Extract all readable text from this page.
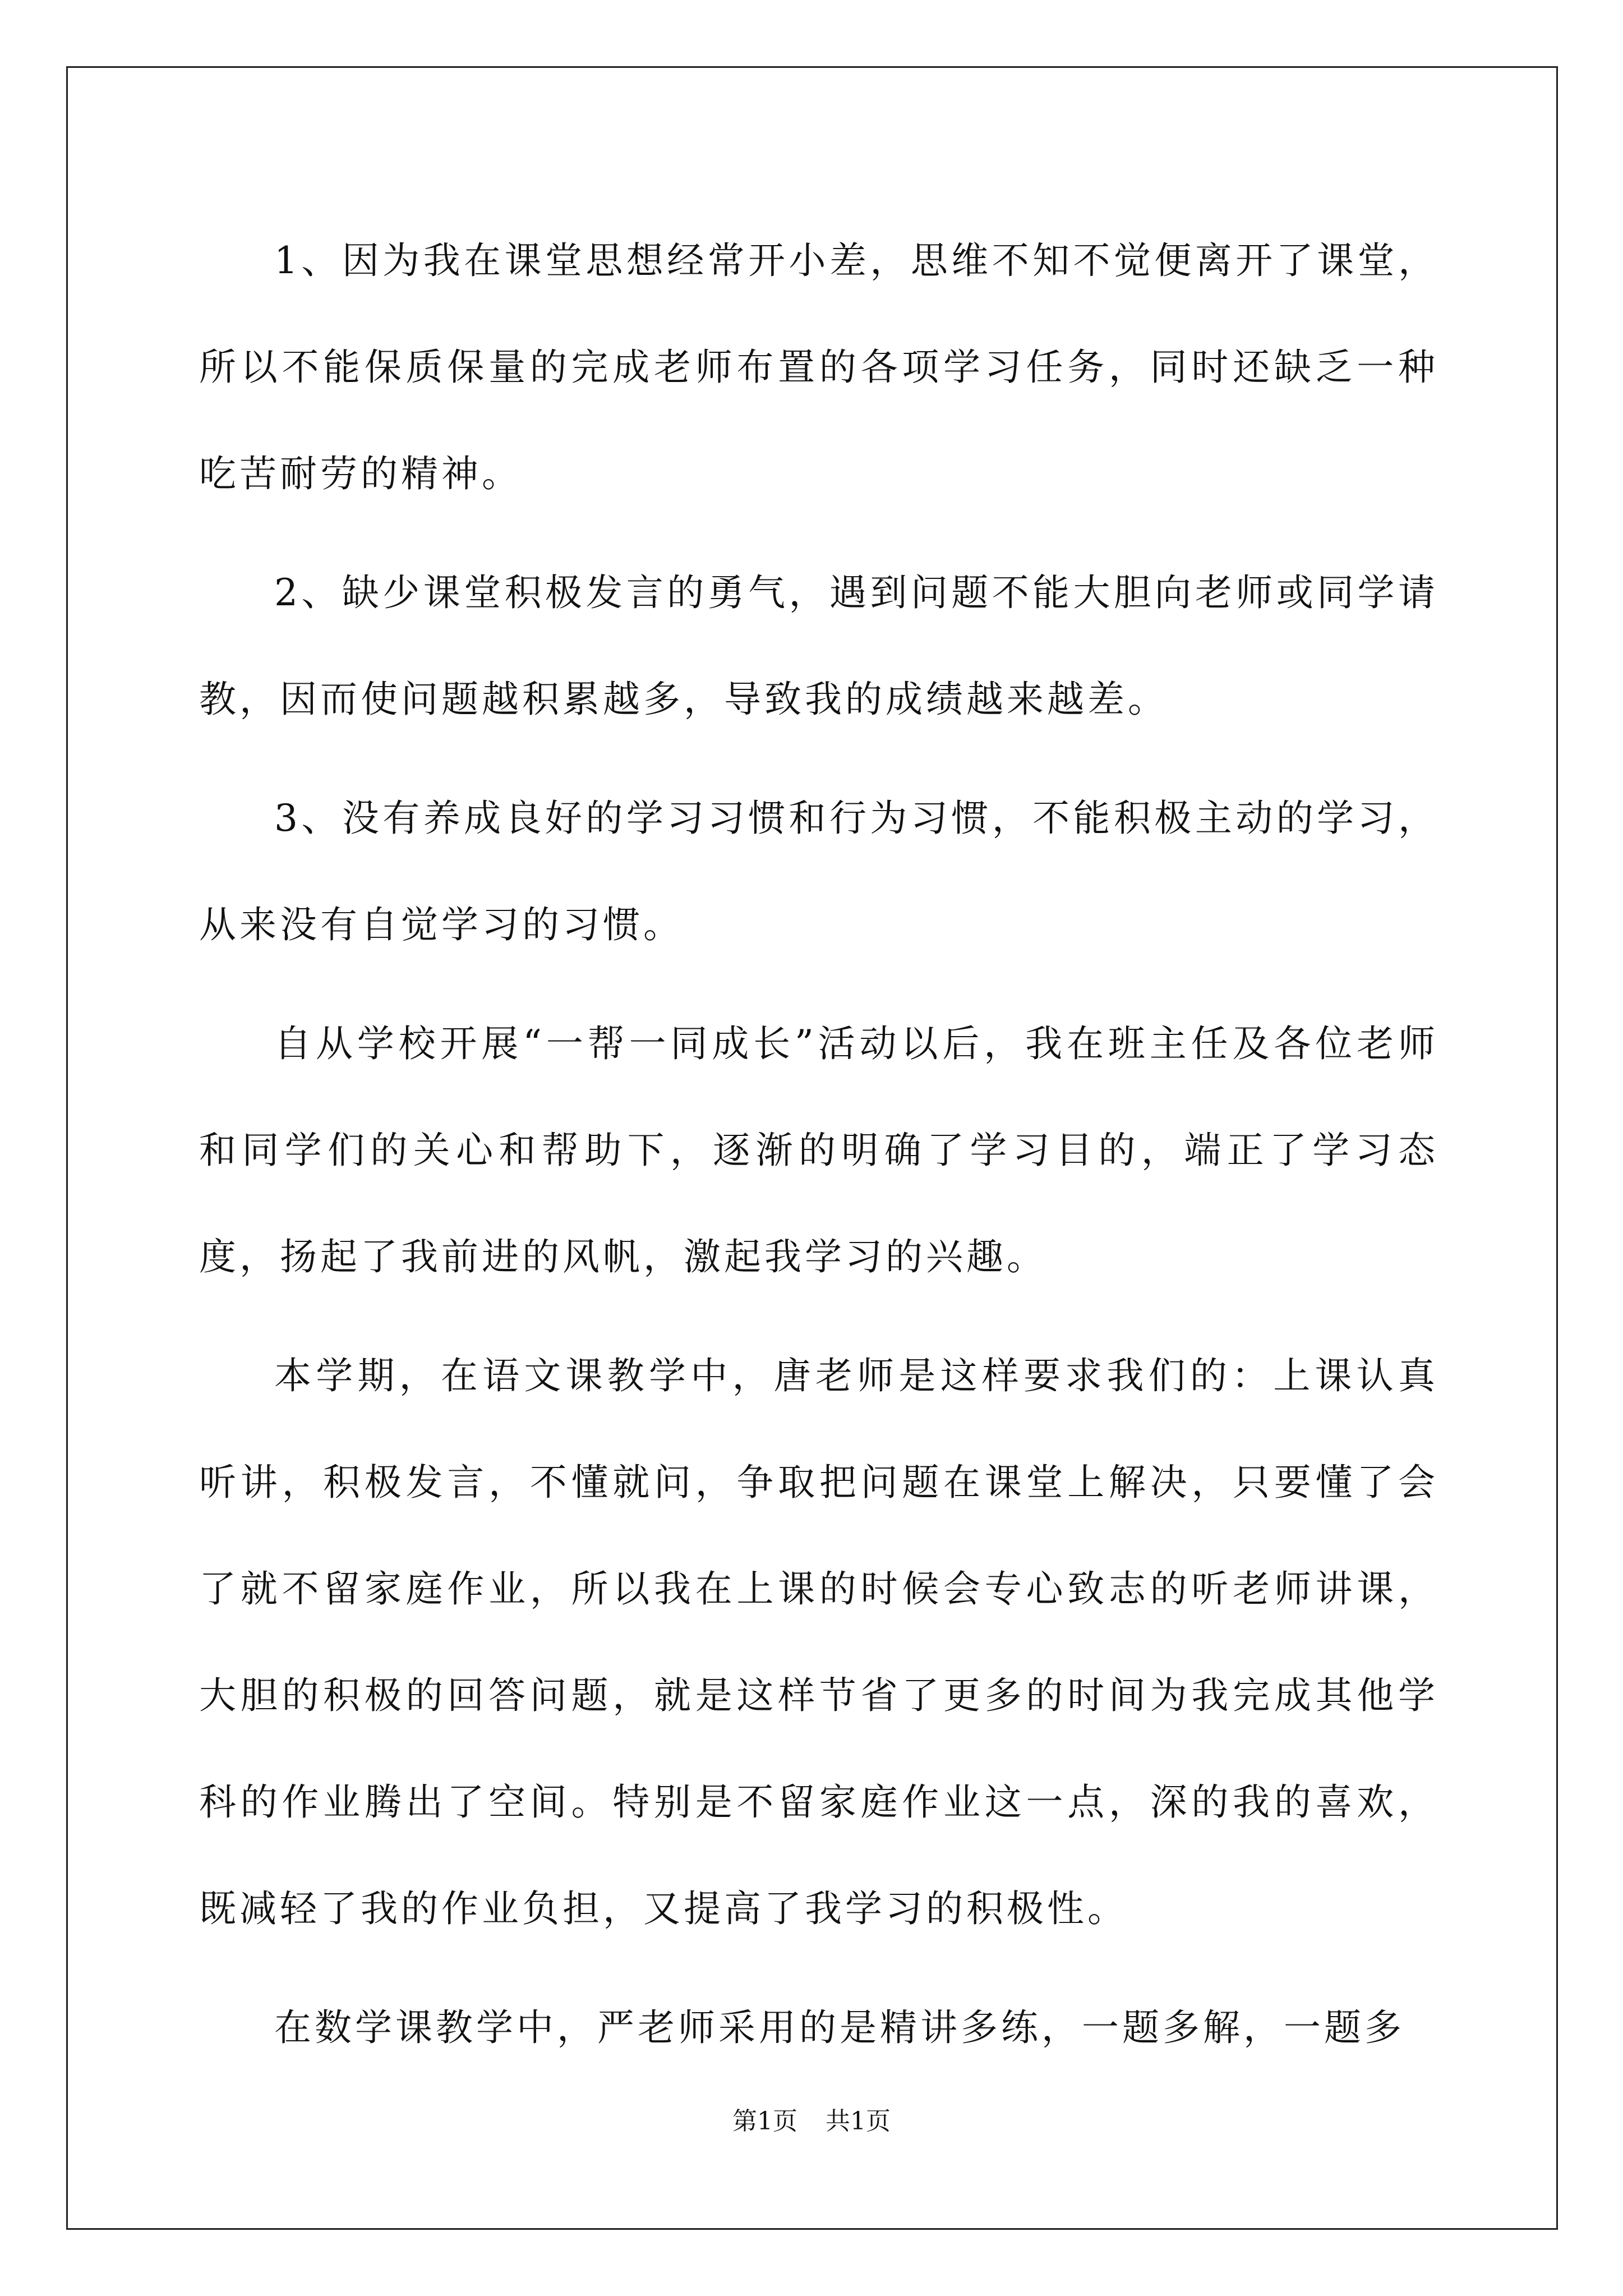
1、因为我在课堂思想经常开小差，思维不知不觉便离开了课堂，所以不能保质保量的完成老师布置的各项学习任务，同时还缺乏一种吃苦耐劳的精神。

2、缺少课堂积极发言的勇气，遇到问题不能大胆向老师或同学请教，因而使问题越积累越多，导致我的成绩越来越差。

3、没有养成良好的学习习惯和行为习惯，不能积极主动的学习，从来没有自觉学习的习惯。

自从学校开展“一帮一同成长”活动以后，我在班主任及各位老师和同学们的关心和帮助下，逐渐的明确了学习目的，端正了学习态度，扬起了我前进的风帆，激起我学习的兴趣。

本学期，在语文课教学中，唐老师是这样要求我们的：上课认真听讲，积极发言，不懂就问，争取把问题在课堂上解决，只要懂了会了就不留家庭作业，所以我在上课的时候会专心致志的听老师讲课，大胆的积极的回答问题，就是这样节省了更多的时间为我完成其他学科的作业腾出了空间。特别是不留家庭作业这一点，深的我的喜欢，既减轻了我的作业负担，又提高了我学习的积极性。

在数学课教学中，严老师采用的是精讲多练，一题多解，一题多

第1页 共1页
